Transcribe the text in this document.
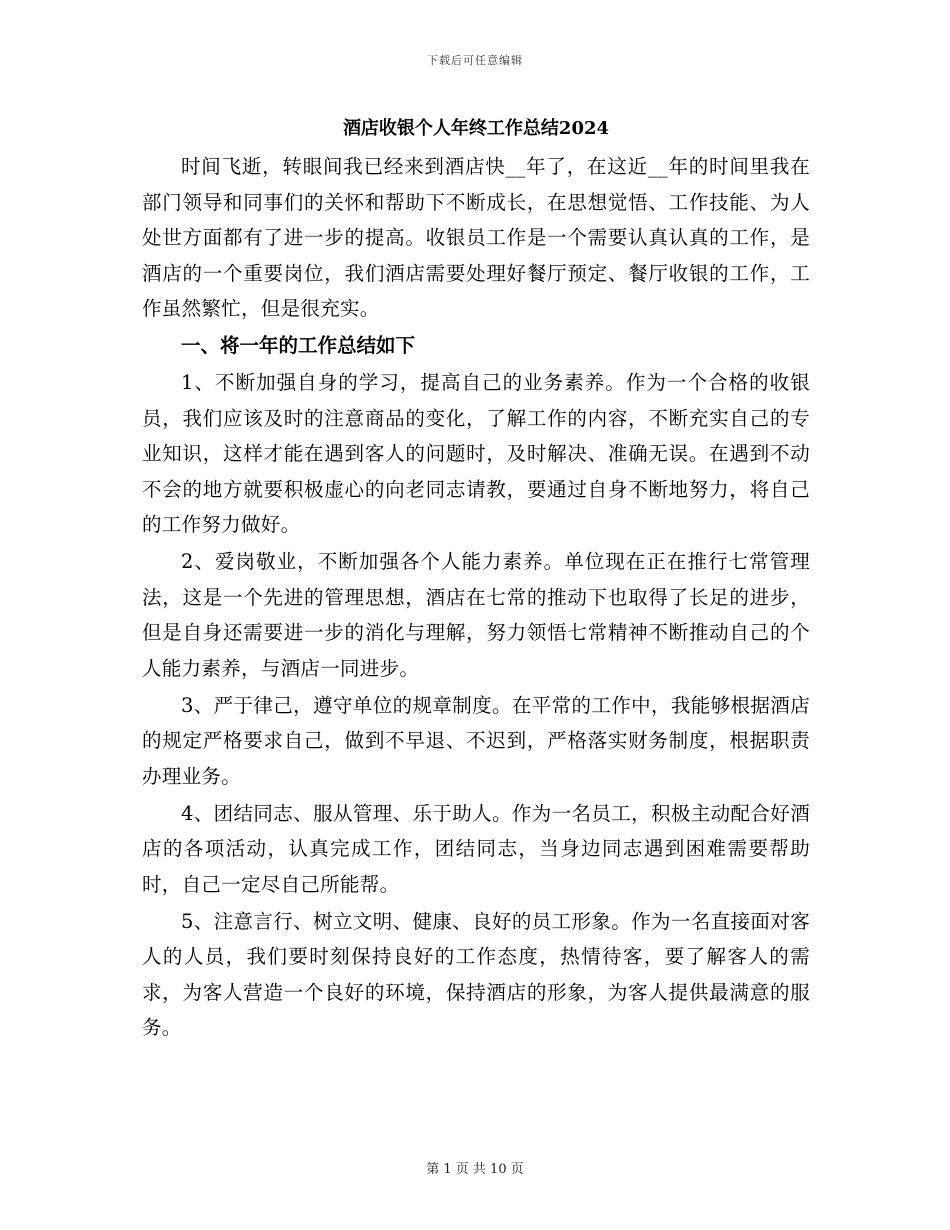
下载后可任意编辑
酒店收银个人年终工作总结2024

时间飞逝，转眼间我已经来到酒店快__年了，在这近__年的时间里我在部门领导和同事们的关怀和帮助下不断成长，在思想觉悟、工作技能、为人处世方面都有了进一步的提高。收银员工作是一个需要认真认真的工作，是酒店的一个重要岗位，我们酒店需要处理好餐厅预定、餐厅收银的工作，工作虽然繁忙，但是很充实。

一、将一年的工作总结如下

1、不断加强自身的学习，提高自己的业务素养。作为一个合格的收银员，我们应该及时的注意商品的变化，了解工作的内容，不断充实自己的专业知识，这样才能在遇到客人的问题时，及时解决、准确无误。在遇到不动不会的地方就要积极虚心的向老同志请教，要通过自身不断地努力，将自己的工作努力做好。

2、爱岗敬业，不断加强各个人能力素养。单位现在正在推行七常管理法，这是一个先进的管理思想，酒店在七常的推动下也取得了长足的进步，但是自身还需要进一步的消化与理解，努力领悟七常精神不断推动自己的个人能力素养，与酒店一同进步。

3、严于律己，遵守单位的规章制度。在平常的工作中，我能够根据酒店的规定严格要求自己，做到不早退、不迟到，严格落实财务制度，根据职责办理业务。

4、团结同志、服从管理、乐于助人。作为一名员工，积极主动配合好酒店的各项活动，认真完成工作，团结同志，当身边同志遇到困难需要帮助时，自己一定尽自己所能帮。

5、注意言行、树立文明、健康、良好的员工形象。作为一名直接面对客人的人员，我们要时刻保持良好的工作态度，热情待客，要了解客人的需求，为客人营造一个良好的环境，保持酒店的形象，为客人提供最满意的服务。

第 1 页 共 10 页
